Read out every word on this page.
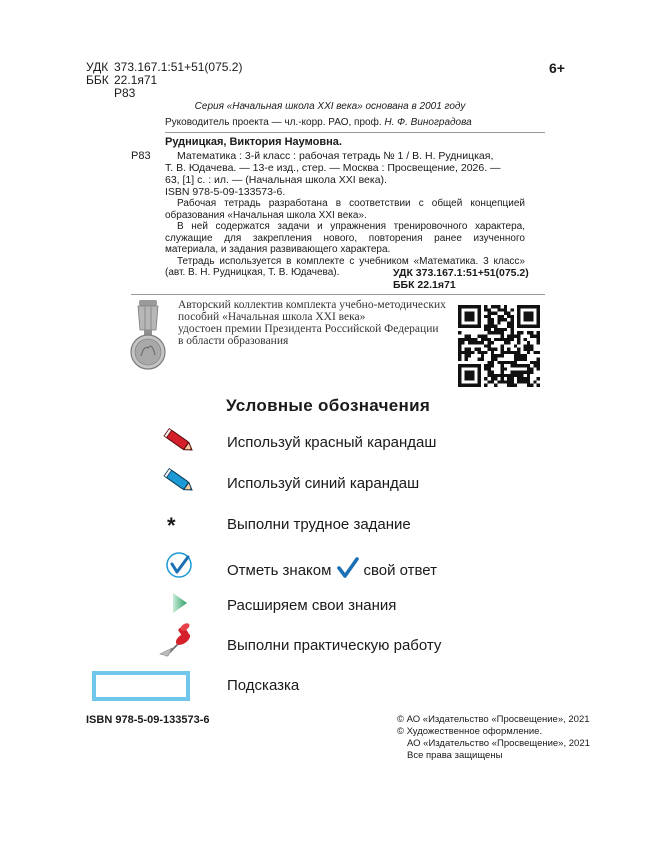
УДК 373.167.1:51+51(075.2)
ББК 22.1я71
Р83
6+
Серия «Начальная школа XXI века» основана в 2001 году
Руководитель проекта — чл.-корр. РАО, проф. Н. Ф. Виноградова
Рудницкая, Виктория Наумовна.
Р83	Математика : 3-й класс : рабочая тетрадь № 1 / В. Н. Рудницкая,
Т. В. Юдачева. — 13-е изд., стер. — Москва : Просвещение, 2026. —
63, [1] с. : ил. — (Начальная школа XXI века).
ISBN 978-5-09-133573-6.
Рабочая тетрадь разработана в соответствии с общей концепцией образования «Начальная школа XXI века».
В ней содержатся задачи и упражнения тренировочного характера, служащие для закрепления нового, повторения ранее изученного материала, и задания развивающего характера.
Тетрадь используется в комплекте с учебником «Математика. 3 класс» (авт. В. Н. Рудницкая, Т. В. Юдачева).	УДК 373.167.1:51+51(075.2)
ББК 22.1я71
Авторский коллектив комплекта учебно-методических
пособий «Начальная школа XXI века»
удостоен премии Президента Российской Федерации
в области образования
Условные обозначения
Используй красный карандаш
Используй синий карандаш
*	Выполни трудное задание
Отметь знаком свой ответ
Расширяем свои знания
Выполни практическую работу
Подсказка
ISBN 978-5-09-133573-6	© АО «Издательство «Просвещение», 2021
© Художественное оформление.
АО «Издательство «Просвещение», 2021
Все права защищены
